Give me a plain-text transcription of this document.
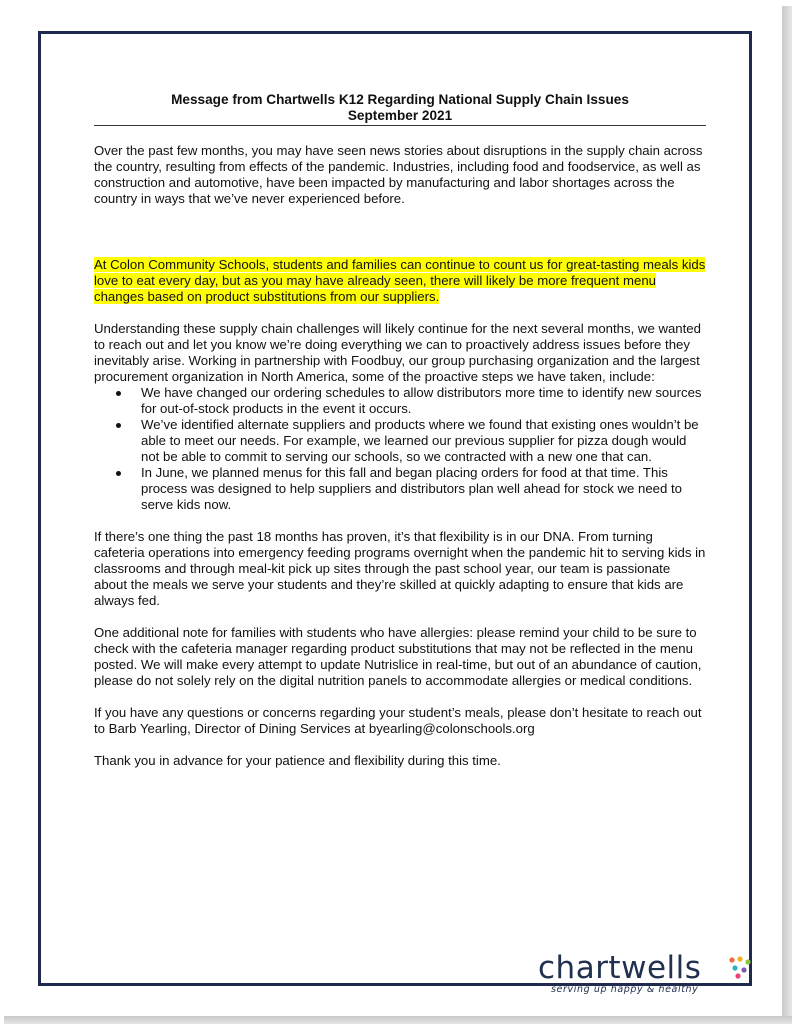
Message from Chartwells K12 Regarding National Supply Chain Issues
September 2021

Over the past few months, you may have seen news stories about disruptions in the supply chain across the country, resulting from effects of the pandemic. Industries, including food and foodservice, as well as construction and automotive, have been impacted by manufacturing and labor shortages across the country in ways that we’ve never experienced before.

At Colon Community Schools, students and families can continue to count us for great-tasting meals kids love to eat every day, but as you may have already seen, there will likely be more frequent menu changes based on product substitutions from our suppliers.

Understanding these supply chain challenges will likely continue for the next several months, we wanted to reach out and let you know we’re doing everything we can to proactively address issues before they inevitably arise. Working in partnership with Foodbuy, our group purchasing organization and the largest procurement organization in North America, some of the proactive steps we have taken, include:

We have changed our ordering schedules to allow distributors more time to identify new sources for out-of-stock products in the event it occurs.
We’ve identified alternate suppliers and products where we found that existing ones wouldn’t be able to meet our needs. For example, we learned our previous supplier for pizza dough would not be able to commit to serving our schools, so we contracted with a new one that can.
In June, we planned menus for this fall and began placing orders for food at that time. This process was designed to help suppliers and distributors plan well ahead for stock we need to serve kids now.

If there’s one thing the past 18 months has proven, it’s that flexibility is in our DNA. From turning cafeteria operations into emergency feeding programs overnight when the pandemic hit to serving kids in classrooms and through meal-kit pick up sites through the past school year, our team is passionate about the meals we serve your students and they’re skilled at quickly adapting to ensure that kids are always fed.

One additional note for families with students who have allergies: please remind your child to be sure to check with the cafeteria manager regarding product substitutions that may not be reflected in the menu posted. We will make every attempt to update Nutrislice in real-time, but out of an abundance of caution, please do not solely rely on the digital nutrition panels to accommodate allergies or medical conditions.

If you have any questions or concerns regarding your student’s meals, please don’t hesitate to reach out to Barb Yearling, Director of Dining Services at byearling@colonschools.org

Thank you in advance for your patience and flexibility during this time.

chartwells
serving up happy & healthy
